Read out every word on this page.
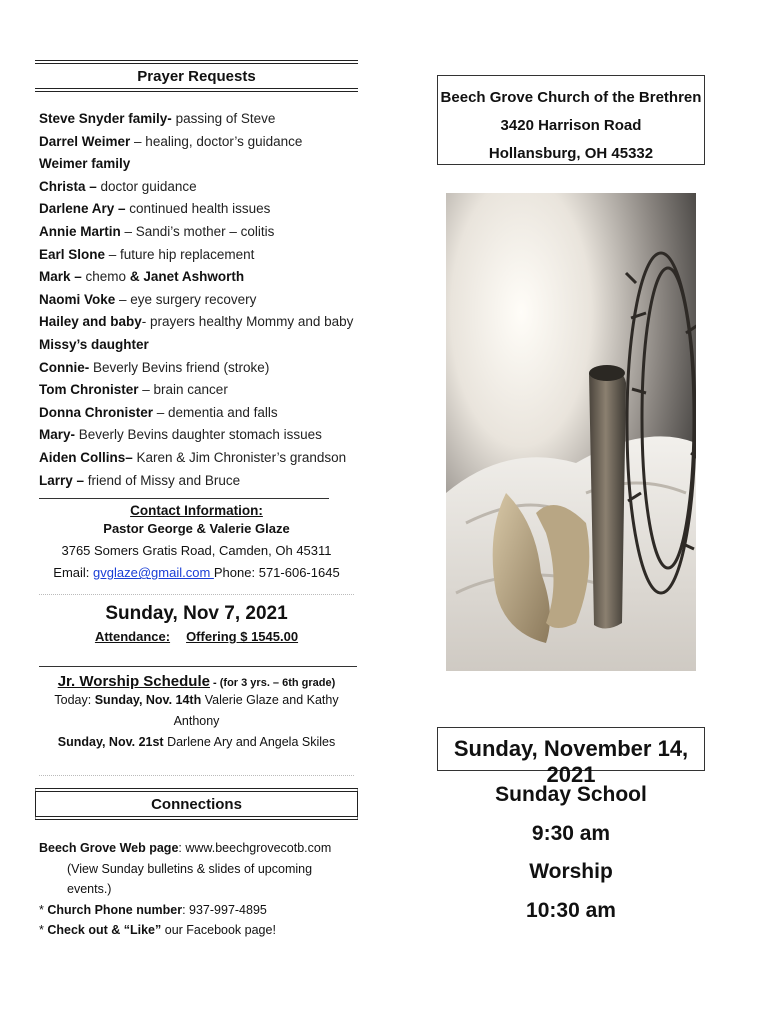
Prayer Requests
Steve Snyder family- passing of Steve
Darrel Weimer – healing, doctor’s guidance
Weimer family
Christa – doctor guidance
Darlene Ary – continued health issues
Annie Martin – Sandi’s mother – colitis
Earl Slone – future hip replacement
Mark – chemo & Janet Ashworth
Naomi Voke – eye surgery recovery
Hailey and baby- prayers healthy Mommy and baby
Missy’s daughter
Connie- Beverly Bevins friend (stroke)
Tom Chronister – brain cancer
Donna Chronister – dementia and falls
Mary- Beverly Bevins daughter stomach issues
Aiden Collins– Karen & Jim Chronister’s grandson
Larry – friend of Missy and Bruce
Contact Information:
Pastor George & Valerie Glaze
3765 Somers Gratis Road, Camden, Oh 45311
Email: gvglaze@gmail.com Phone: 571-606-1645
Sunday, Nov 7, 2021
Attendance: Offering $ 1545.00
Jr. Worship Schedule - (for 3 yrs. – 6th grade)
Today: Sunday, Nov. 14th Valerie Glaze and Kathy Anthony
Sunday, Nov. 21st Darlene Ary and Angela Skiles
Connections
Beech Grove Web page: www.beechgrovecotb.com
(View Sunday bulletins & slides of upcoming events.)
* Church Phone number: 937-997-4895
* Check out & “Like” our Facebook page!
Beech Grove Church of the Brethren
3420 Harrison Road
Hollansburg, OH 45332
Sunday, November 14, 2021
Sunday School
9:30 am
Worship
10:30 am
